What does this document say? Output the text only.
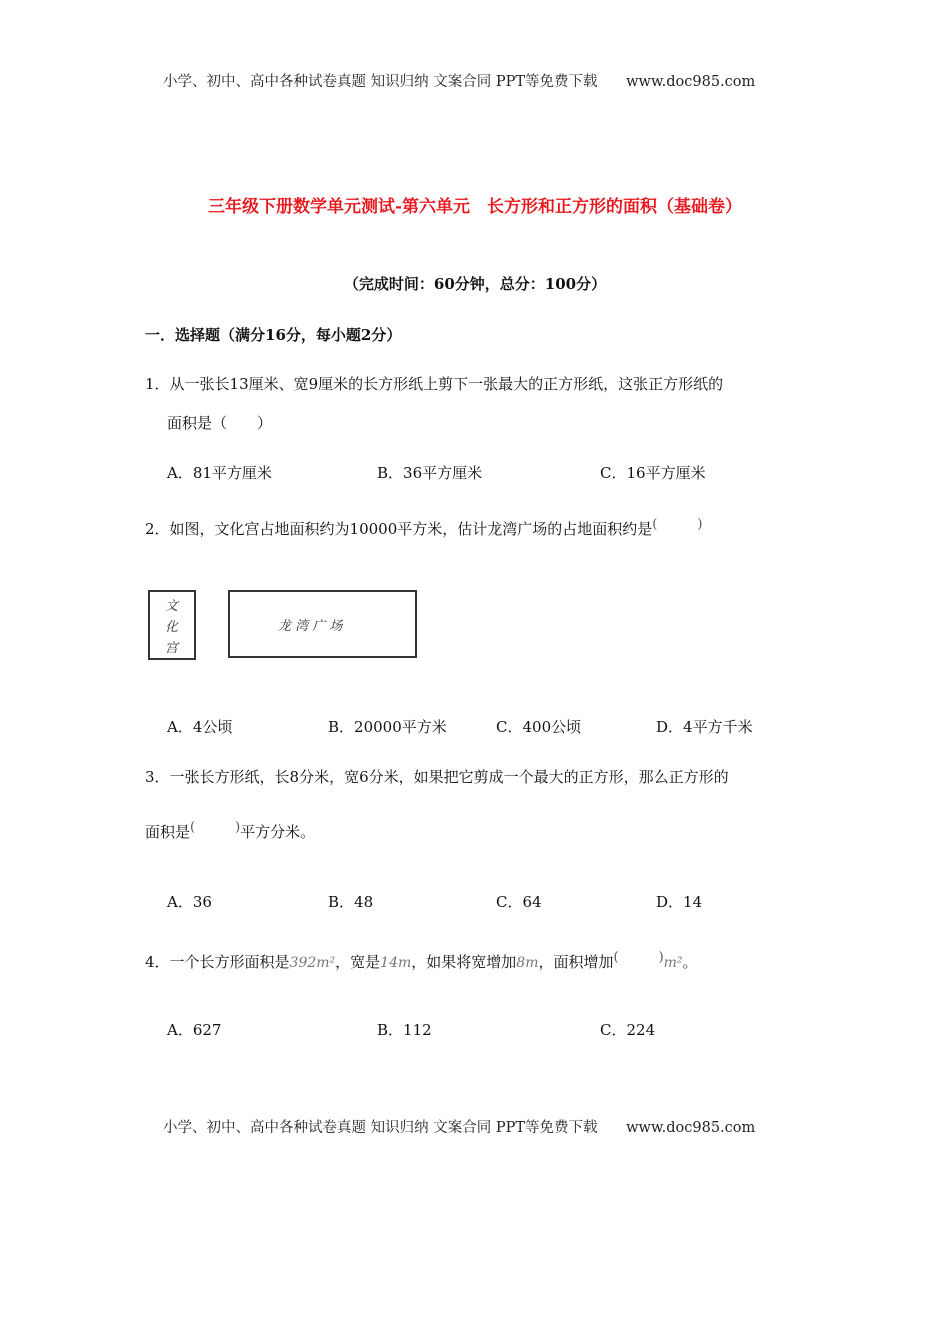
小学、初中、高中各种试卷真题 知识归纳 文案合同 PPT等免费下载 www.doc985.com
三年级下册数学单元测试-第六单元　长方形和正方形的面积（基础卷）
（完成时间：60分钟，总分：100分）
一．选择题（满分16分，每小题2分）
1．从一张长13厘米、宽9厘米的长方形纸上剪下一张最大的正方形纸，这张正方形纸的
面积是（　　）
A．81平方厘米	B．36平方厘米	C．16平方厘米
2．如图，文化宫占地面积约为10000平方米，估计龙湾广场的占地面积约是(	)
文化宫
龙 湾 广 场
A．4公顷	B．20000平方米	C．400公顷	D．4平方千米
3．一张长方形纸，长8分米，宽6分米，如果把它剪成一个最大的正方形，那么正方形的
面积是(	)平方分米。
A．36	B．48	C．64	D．14
4．一个长方形面积是392m²，宽是14m，如果将宽增加8m，面积增加(	)m²。
A．627	B．112	C．224
小学、初中、高中各种试卷真题 知识归纳 文案合同 PPT等免费下载 www.doc985.com
